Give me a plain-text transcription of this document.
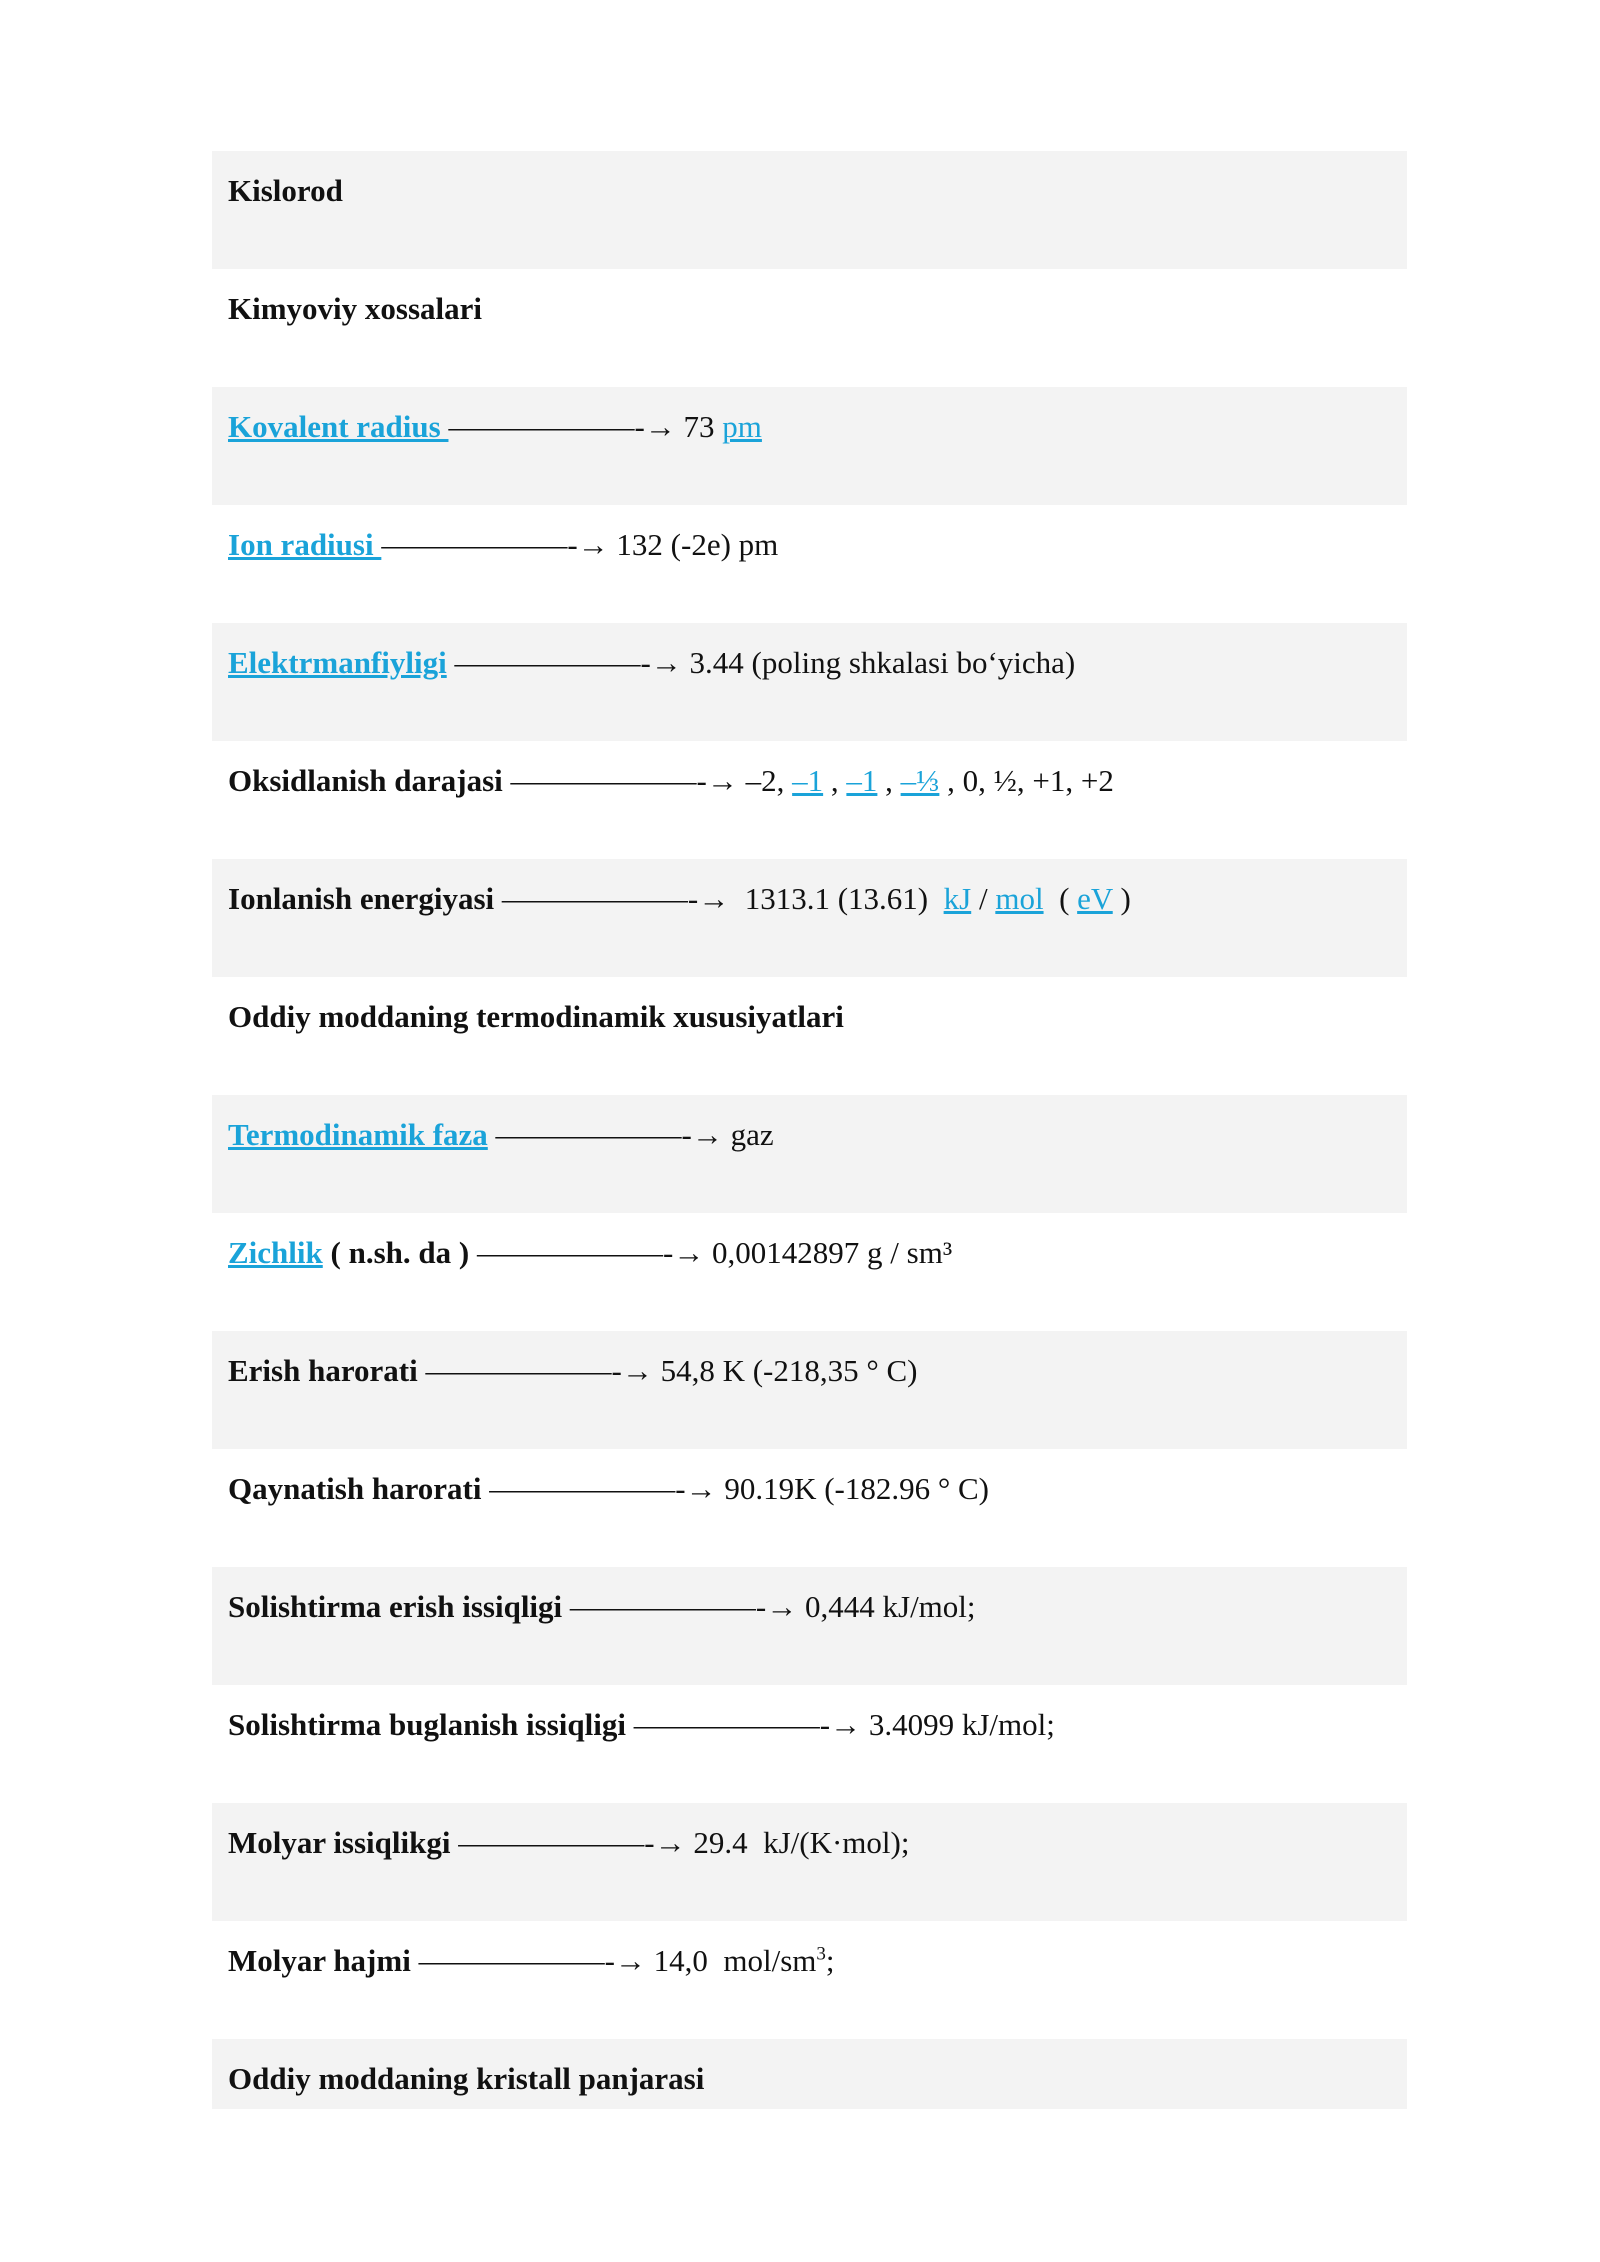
Kislorod
Kimyoviy xossalari
Kovalent radius ——————-→ 73 pm
Ion radiusi ——————-→ 132 (-2e) pm
Elektrmanfiyligi ——————-→ 3.44 (poling shkalasi bo‘yicha)
Oksidlanish darajasi ——————-→ –2, –1 , –1 , –⅓ , 0, ½, +1, +2
Ionlanish energiyasi ——————-→  1313.1 (13.61)  kJ / mol  ( eV )
Oddiy moddaning termodinamik xususiyatlari
Termodinamik faza ——————-→ gaz
Zichlik ( n.sh. da ) ——————-→ 0,00142897 g / sm³
Erish harorati ——————-→ 54,8 K (-218,35 ° C)
Qaynatish harorati ——————-→ 90.19K (-182.96 ° C)
Solishtirma erish issiqligi ——————-→ 0,444 kJ/mol;
Solishtirma buglanish issiqligi ——————-→ 3.4099 kJ/mol;
Molyar issiqlikgi ——————-→ 29.4  kJ/(K·mol);
Molyar hajmi ——————-→ 14,0  mol/$sm^3$;
Oddiy moddaning kristall panjarasi
